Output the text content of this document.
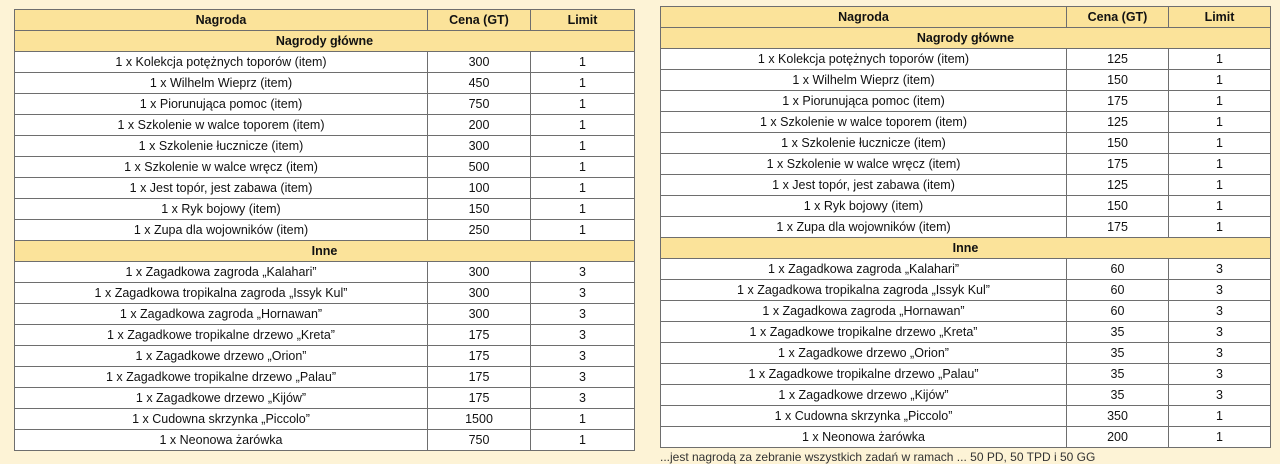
Nagroda	Cena (GT)	Limit
Nagrody główne		
1 x Kolekcja potężnych toporów (item)	300	1
1 x Wilhelm Wieprz (item)	450	1
1 x Piorunująca pomoc (item)	750	1
1 x Szkolenie w walce toporem (item)	200	1
1 x Szkolenie łucznicze (item)	300	1
1 x Szkolenie w walce wręcz (item)	500	1
1 x Jest topór, jest zabawa (item)	100	1
1 x Ryk bojowy (item)	150	1
1 x Zupa dla wojowników (item)	250	1
Inne		
1 x Zagadkowa zagroda „Kalahari”	300	3
1 x Zagadkowa tropikalna zagroda „Issyk Kul”	300	3
1 x Zagadkowa zagroda „Hornawan”	300	3
1 x Zagadkowe tropikalne drzewo „Kreta”	175	3
1 x Zagadkowe drzewo „Orion”	175	3
1 x Zagadkowe tropikalne drzewo „Palau”	175	3
1 x Zagadkowe drzewo „Kijów”	175	3
1 x Cudowna skrzynka „Piccolo”	1500	1
1 x Neonowa żarówka	750	1
Nagroda	Cena (GT)	Limit
Nagrody główne		
1 x Kolekcja potężnych toporów (item)	125	1
1 x Wilhelm Wieprz (item)	150	1
1 x Piorunująca pomoc (item)	175	1
1 x Szkolenie w walce toporem (item)	125	1
1 x Szkolenie łucznicze (item)	150	1
1 x Szkolenie w walce wręcz (item)	175	1
1 x Jest topór, jest zabawa (item)	125	1
1 x Ryk bojowy (item)	150	1
1 x Zupa dla wojowników (item)	175	1
Inne		
1 x Zagadkowa zagroda „Kalahari”	60	3
1 x Zagadkowa tropikalna zagroda „Issyk Kul”	60	3
1 x Zagadkowa zagroda „Hornawan”	60	3
1 x Zagadkowe tropikalne drzewo „Kreta”	35	3
1 x Zagadkowe drzewo „Orion”	35	3
1 x Zagadkowe tropikalne drzewo „Palau”	35	3
1 x Zagadkowe drzewo „Kijów”	35	3
1 x Cudowna skrzynka „Piccolo”	350	1
1 x Neonowa żarówka	200	1
...jest nagrodą za zebranie wszystkich zadań w ramach ... 50 PD, 50 TPD i 50 GG
